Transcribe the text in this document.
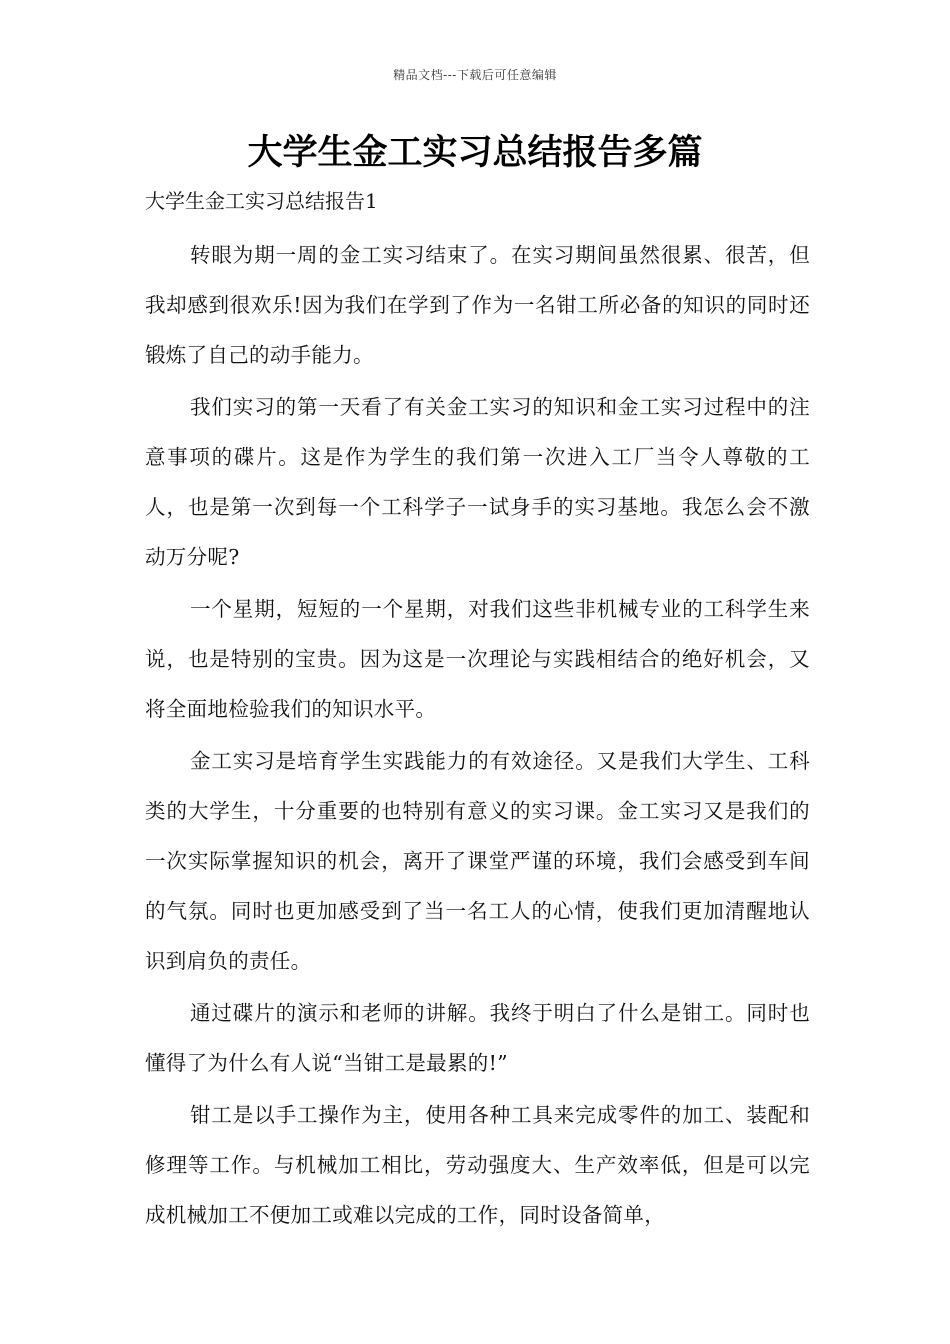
精品文档---下载后可任意编辑
大学生金工实习总结报告多篇
大学生金工实习总结报告1

转眼为期一周的金工实习结束了。在实习期间虽然很累、很苦，但我却感到很欢乐!因为我们在学到了作为一名钳工所必备的知识的同时还锻炼了自己的动手能力。

我们实习的第一天看了有关金工实习的知识和金工实习过程中的注意事项的碟片。这是作为学生的我们第一次进入工厂当令人尊敬的工人，也是第一次到每一个工科学子一试身手的实习基地。我怎么会不激动万分呢?

一个星期，短短的一个星期，对我们这些非机械专业的工科学生来说，也是特别的宝贵。因为这是一次理论与实践相结合的绝好机会，又将全面地检验我们的知识水平。

金工实习是培育学生实践能力的有效途径。又是我们大学生、工科类的大学生，十分重要的也特别有意义的实习课。金工实习又是我们的一次实际掌握知识的机会，离开了课堂严谨的环境，我们会感受到车间的气氛。同时也更加感受到了当一名工人的心情，使我们更加清醒地认识到肩负的责任。

通过碟片的演示和老师的讲解。我终于明白了什么是钳工。同时也懂得了为什么有人说“当钳工是最累的!”

钳工是以手工操作为主，使用各种工具来完成零件的加工、装配和修理等工作。与机械加工相比，劳动强度大、生产效率低，但是可以完成机械加工不便加工或难以完成的工作，同时设备简单，
